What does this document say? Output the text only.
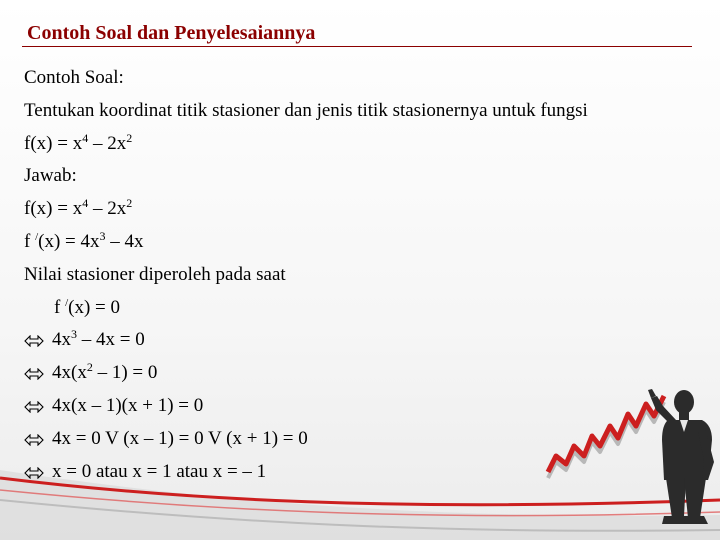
Contoh Soal dan Penyelesaiannya
Contoh Soal:
Tentukan koordinat titik stasioner dan jenis titik stasionernya untuk fungsi
$f(x) = x^4 - 2x^2$
Jawab:
$f(x) = x^4 - 2x^2$
f $^/(x) = 4x^3 - 4x$
Nilai stasioner diperoleh pada saat
f /(x) = 0
$4x^3 - 4x = 0$
$4x(x^2 - 1) = 0$
4x(x – 1)(x + 1) = 0
4x = 0 V (x – 1) = 0 V (x + 1) = 0
x = 0 atau x = 1 atau x = – 1
